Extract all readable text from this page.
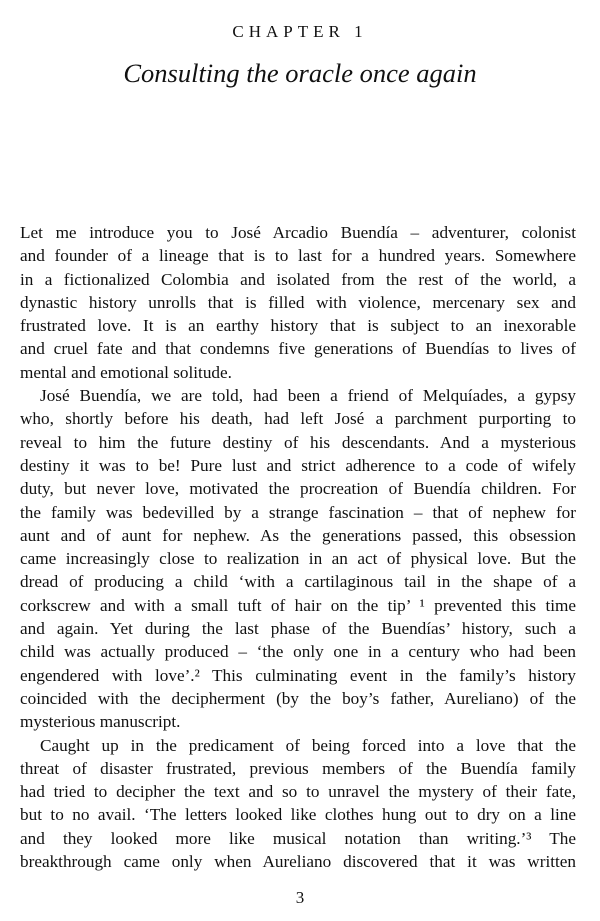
CHAPTER 1
Consulting the oracle once again
Let me introduce you to José Arcadio Buendía – adventurer, colonist
and founder of a lineage that is to last for a hundred years. Somewhere
in a fictionalized Colombia and isolated from the rest of the world, a
dynastic history unrolls that is filled with violence, mercenary sex and
frustrated love. It is an earthy history that is subject to an inexorable
and cruel fate and that condemns five generations of Buendías to lives of
mental and emotional solitude.
José Buendía, we are told, had been a friend of Melquíades, a gypsy
who, shortly before his death, had left José a parchment purporting to
reveal to him the future destiny of his descendants. And a mysterious
destiny it was to be! Pure lust and strict adherence to a code of wifely
duty, but never love, motivated the procreation of Buendía children. For
the family was bedevilled by a strange fascination – that of nephew for
aunt and of aunt for nephew. As the generations passed, this obsession
came increasingly close to realization in an act of physical love. But the
dread of producing a child ‘with a cartilaginous tail in the shape of a
corkscrew and with a small tuft of hair on the tip’ ¹ prevented this time
and again. Yet during the last phase of the Buendías’ history, such a
child was actually produced – ‘the only one in a century who had been
engendered with love’.² This culminating event in the family’s history
coincided with the decipherment (by the boy’s father, Aureliano) of the
mysterious manuscript.
Caught up in the predicament of being forced into a love that the
threat of disaster frustrated, previous members of the Buendía family
had tried to decipher the text and so to unravel the mystery of their fate,
but to no avail. ‘The letters looked like clothes hung out to dry on a line
and they looked more like musical notation than writing.’³ The
breakthrough came only when Aureliano discovered that it was written
3
